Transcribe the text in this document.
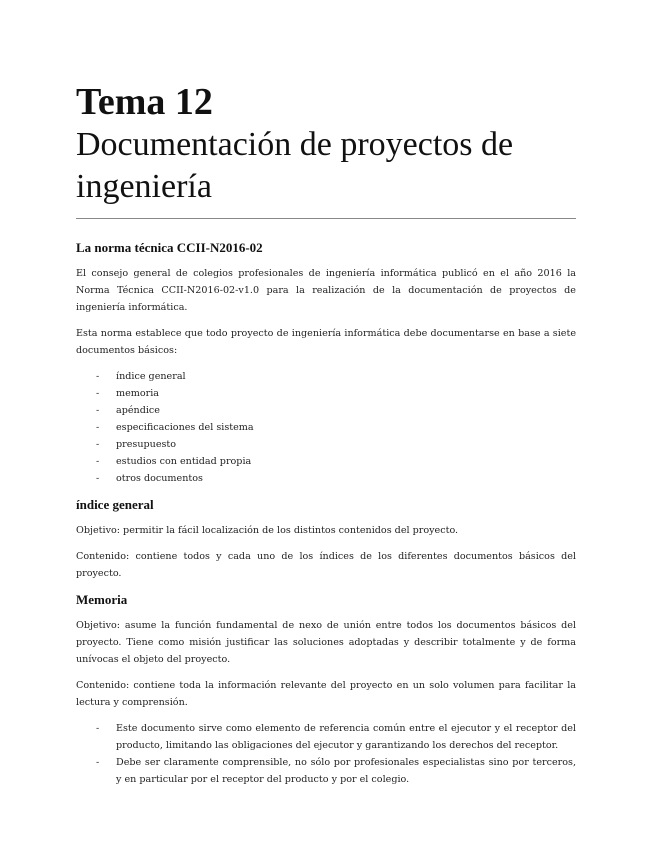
Tema 12

Documentación de proyectos de

ingeniería

La norma técnica CCII-N2016-02

El consejo general de colegios profesionales de ingeniería informática publicó en el año 2016 la Norma Técnica CCII-N2016-02-v1.0 para la realización de la documentación de proyectos de ingeniería informática.

Esta norma establece que todo proyecto de ingeniería informática debe documentarse en base a siete documentos básicos:

- índice general
- memoria
- apéndice
- especificaciones del sistema
- presupuesto
- estudios con entidad propia
- otros documentos
índice general

Objetivo: permitir la fácil localización de los distintos contenidos del proyecto.

Contenido: contiene todos y cada uno de los índices de los diferentes documentos básicos del proyecto.

Memoria

Objetivo: asume la función fundamental de nexo de unión entre todos los documentos básicos del proyecto. Tiene como misión justificar las soluciones adoptadas y describir totalmente y de forma unívocas el objeto del proyecto.

Contenido: contiene toda la información relevante del proyecto en un solo volumen para facilitar la lectura y comprensión.

- Este documento sirve como elemento de referencia común entre el ejecutor y el receptor del producto, limitando las obligaciones del ejecutor y garantizando los derechos del receptor.
- Debe ser claramente comprensible, no sólo por profesionales especialistas sino por terceros, y en particular por el receptor del producto y por el colegio.
